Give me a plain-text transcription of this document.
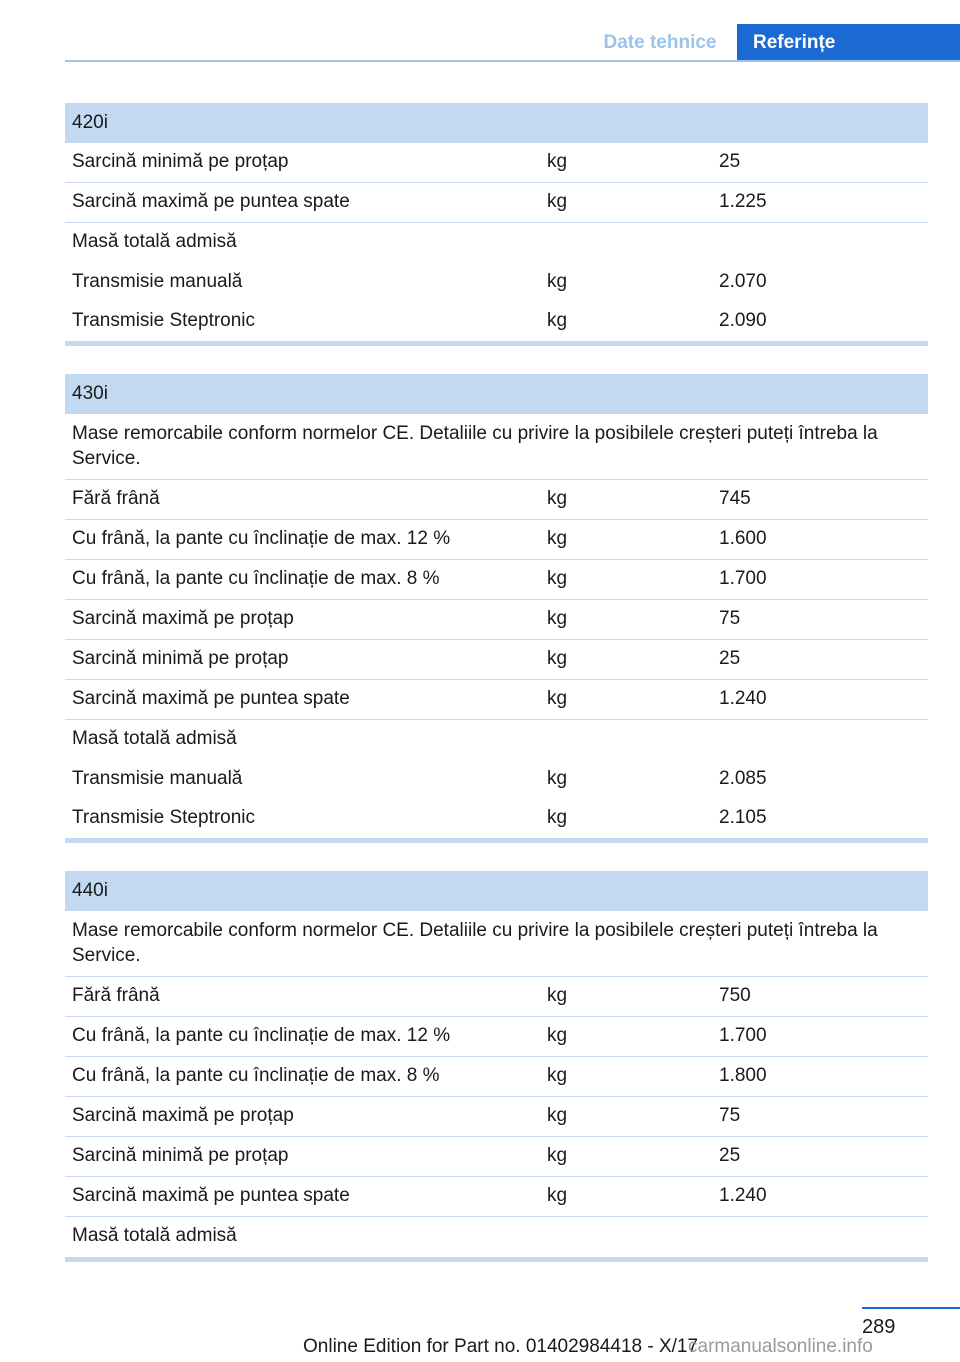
Date tehnice	Referințe
420i
Sarcină minimă pe proțap	kg	25
Sarcină maximă pe puntea spate	kg	1.225
Masă totală admisă
Transmisie manuală	kg	2.070
Transmisie Steptronic	kg	2.090
430i
Mase remorcabile conform normelor CE. Detaliile cu privire la posibilele creșteri puteți întreba la Service.
Fără frână	kg	745
Cu frână, la pante cu înclinație de max. 12 %	kg	1.600
Cu frână, la pante cu înclinație de max. 8 %	kg	1.700
Sarcină maximă pe proțap	kg	75
Sarcină minimă pe proțap	kg	25
Sarcină maximă pe puntea spate	kg	1.240
Masă totală admisă
Transmisie manuală	kg	2.085
Transmisie Steptronic	kg	2.105
440i
Mase remorcabile conform normelor CE. Detaliile cu privire la posibilele creșteri puteți întreba la Service.
Fără frână	kg	750
Cu frână, la pante cu înclinație de max. 12 %	kg	1.700
Cu frână, la pante cu înclinație de max. 8 %	kg	1.800
Sarcină maximă pe proțap	kg	75
Sarcină minimă pe proțap	kg	25
Sarcină maximă pe puntea spate	kg	1.240
Masă totală admisă
289
Online Edition for Part no. 01402984418 - X/17
carmanualsonline.info
